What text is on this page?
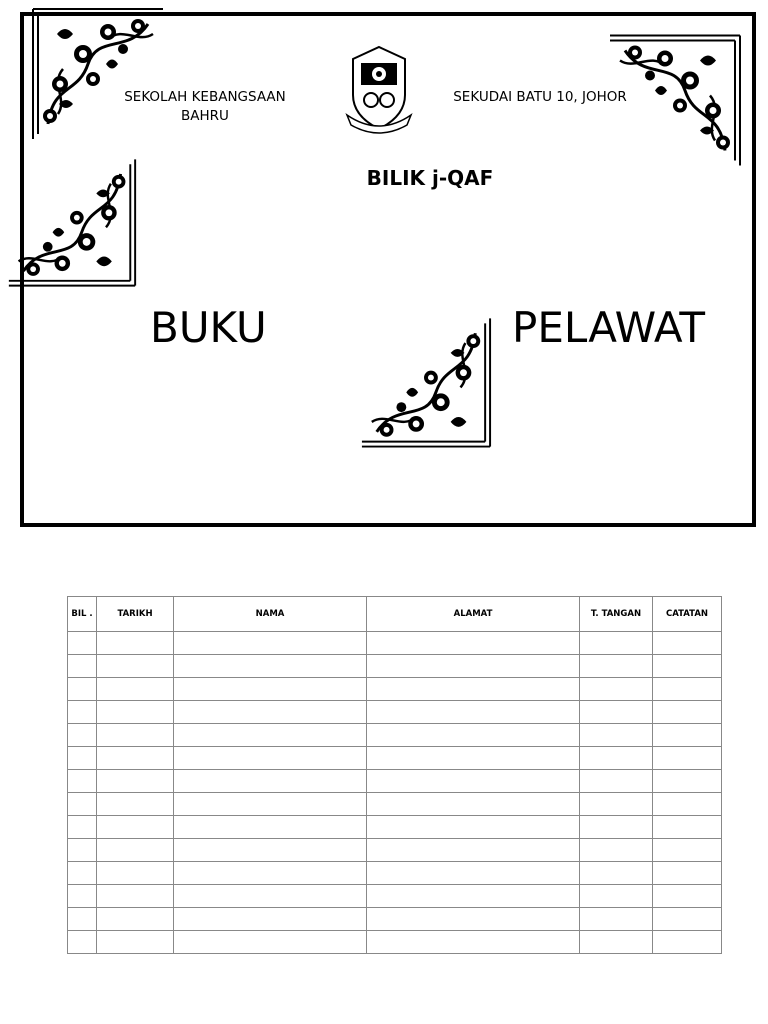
SEKOLAH KEBANGSAAN BAHRU
SEKUDAI BATU 10, JOHOR
BILIK j-QAF
BUKU	PELAWAT
BIL .	TARIKH	NAMA	ALAMAT	T. TANGAN	CATATAN
